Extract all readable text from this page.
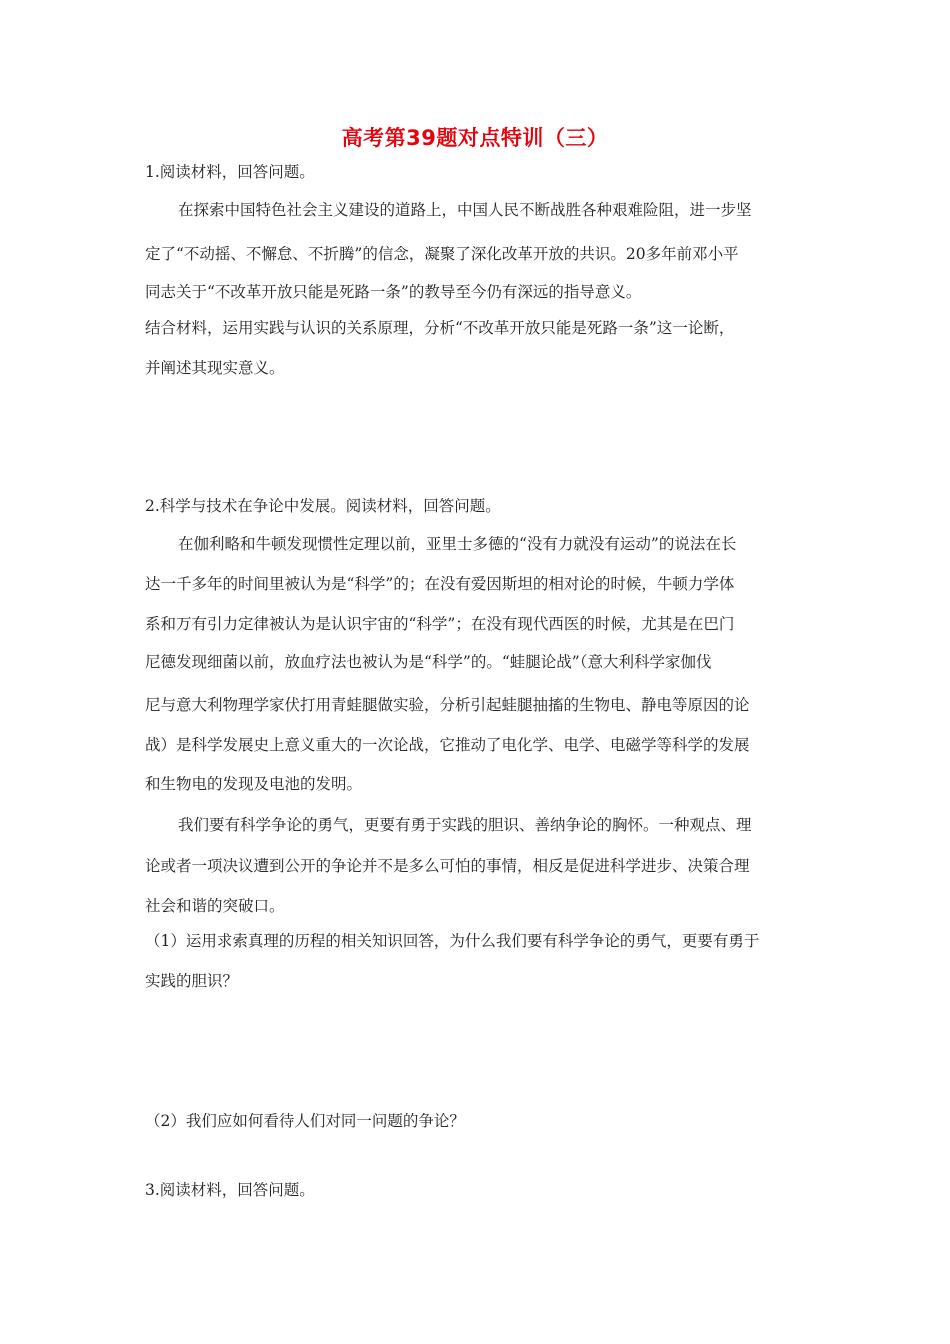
高考第39题对点特训（三）
1.阅读材料，回答问题。
在探索中国特色社会主义建设的道路上，中国人民不断战胜各种艰难险阻，进一步坚
定了“不动摇、不懈怠、不折腾”的信念，凝聚了深化改革开放的共识。20多年前邓小平
同志关于“不改革开放只能是死路一条”的教导至今仍有深远的指导意义。
结合材料，运用实践与认识的关系原理，分析“不改革开放只能是死路一条”这一论断，
并阐述其现实意义。
2.科学与技术在争论中发展。阅读材料，回答问题。
在伽利略和牛顿发现惯性定理以前，亚里士多德的“没有力就没有运动”的说法在长
达一千多年的时间里被认为是“科学”的；在没有爱因斯坦的相对论的时候，牛顿力学体
系和万有引力定律被认为是认识宇宙的“科学”；在没有现代西医的时候，尤其是在巴门
尼德发现细菌以前，放血疗法也被认为是“科学”的。“蛙腿论战”（意大利科学家伽伐
尼与意大利物理学家伏打用青蛙腿做实验，分析引起蛙腿抽搐的生物电、静电等原因的论
战）是科学发展史上意义重大的一次论战，它推动了电化学、电学、电磁学等科学的发展
和生物电的发现及电池的发明。
我们要有科学争论的勇气，更要有勇于实践的胆识、善纳争论的胸怀。一种观点、理
论或者一项决议遭到公开的争论并不是多么可怕的事情，相反是促进科学进步、决策合理
社会和谐的突破口。
（1）运用求索真理的历程的相关知识回答，为什么我们要有科学争论的勇气，更要有勇于
实践的胆识？
（2）我们应如何看待人们对同一问题的争论？
3.阅读材料，回答问题。
